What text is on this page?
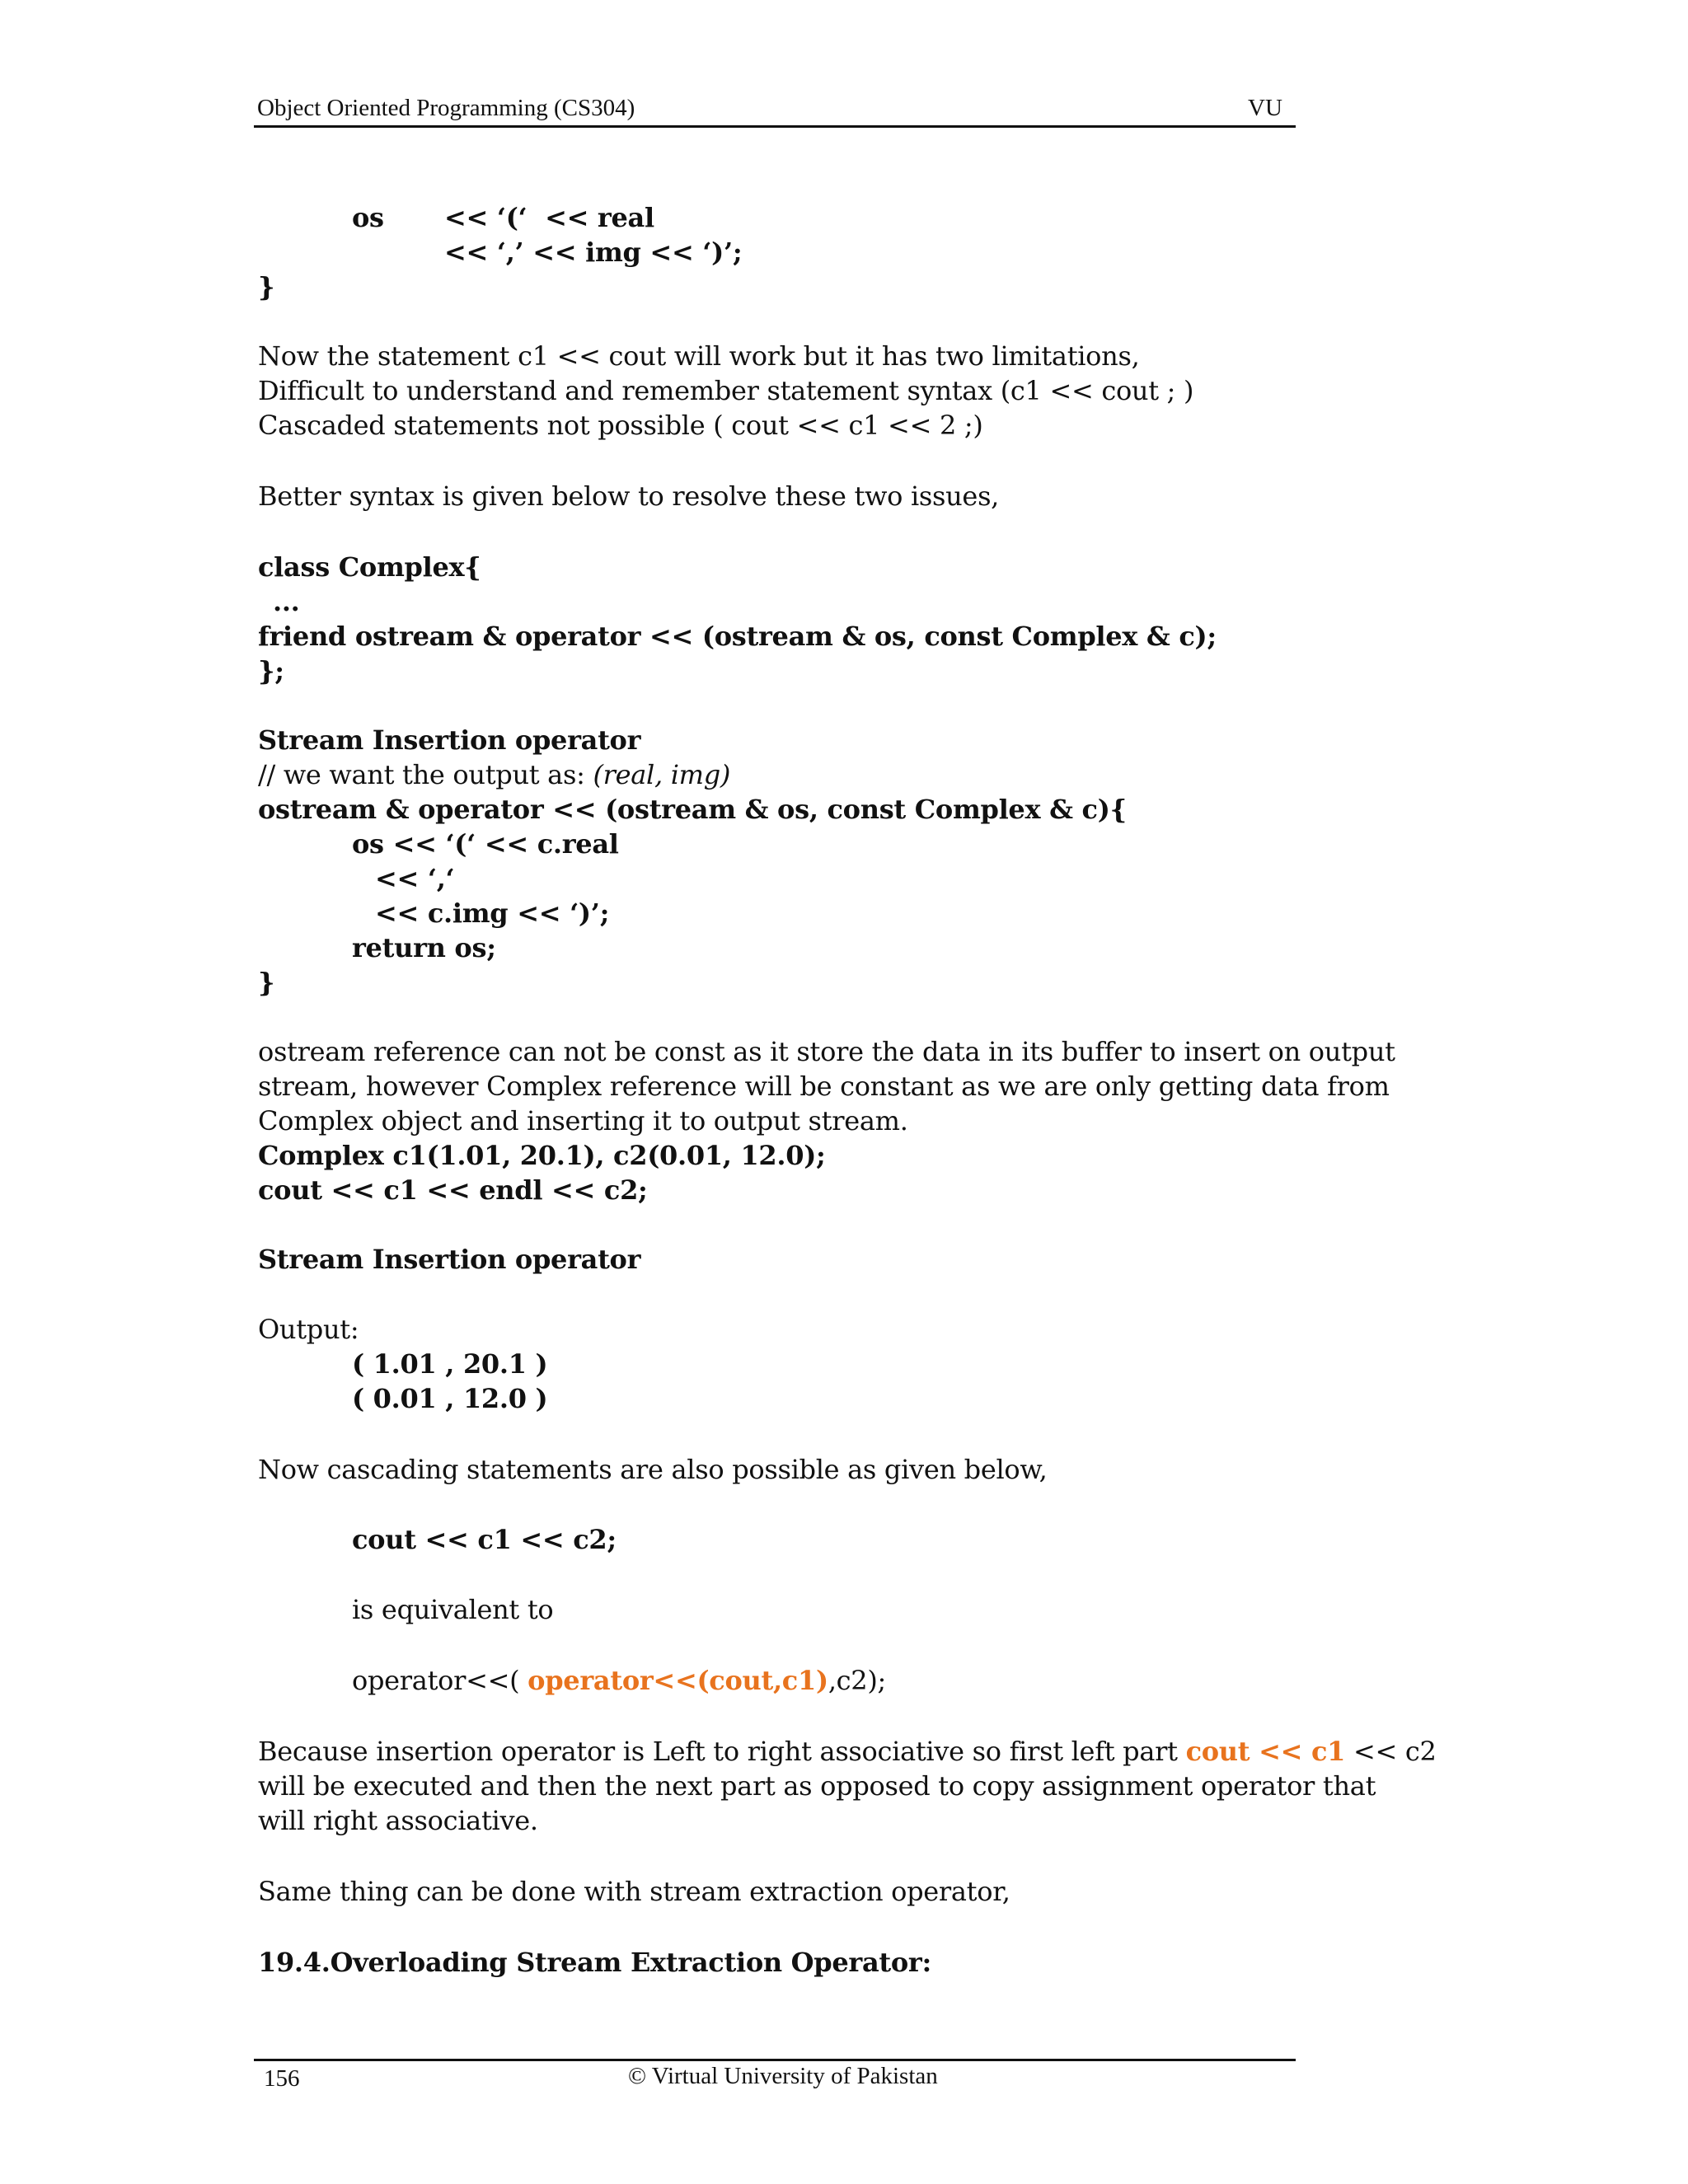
Object Oriented Programming (CS304)	VU
os << ‘(‘  << real
<< ‘,’ << img << ‘)’;
}
Now the statement c1 << cout will work but it has two limitations,
Difficult to understand and remember statement syntax (c1 << cout ; )
Cascaded statements not possible ( cout << c1 << 2 ;)
Better syntax is given below to resolve these two issues,
class Complex{
...
friend ostream & operator << (ostream & os, const Complex & c);
};
Stream Insertion operator
// we want the output as: (real, img)
ostream & operator << (ostream & os, const Complex & c){
os << ‘(‘ << c.real
<< ‘,‘
<< c.img << ‘)’;
return os;
}
ostream reference can not be const as it store the data in its buffer to insert on output
stream, however Complex reference will be constant as we are only getting data from
Complex object and inserting it to output stream.
Complex c1(1.01, 20.1), c2(0.01, 12.0);
cout << c1 << endl << c2;
Stream Insertion operator
Output:
( 1.01 , 20.1 )
( 0.01 , 12.0 )
Now cascading statements are also possible as given below,
cout << c1 << c2;
is equivalent to
operator<<( operator<<(cout,c1),c2);
Because insertion operator is Left to right associative so first left part cout << c1 << c2
will be executed and then the next part as opposed to copy assignment operator that
will right associative.
Same thing can be done with stream extraction operator,
19.4.Overloading Stream Extraction Operator:
156	© Virtual University of Pakistan
